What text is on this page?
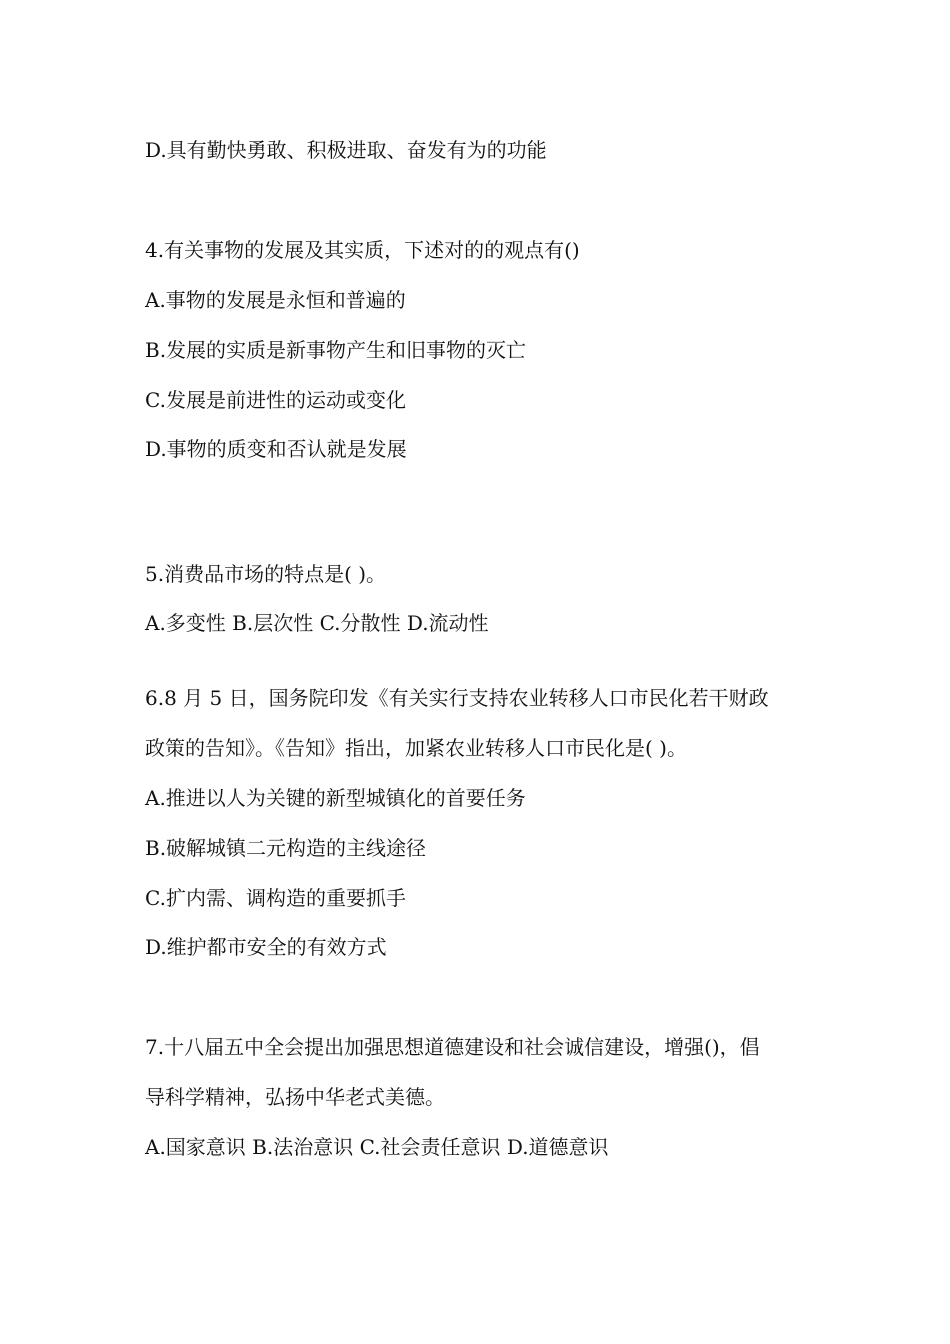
D.具有勤快勇敢、积极进取、奋发有为的功能
4.有关事物的发展及其实质，下述对的的观点有()
A.事物的发展是永恒和普遍的
B.发展的实质是新事物产生和旧事物的灭亡
C.发展是前进性的运动或变化
D.事物的质变和否认就是发展
5.消费品市场的特点是( )。
A.多变性 B.层次性 C.分散性 D.流动性
6.8 月 5 日，国务院印发《有关实行支持农业转移人口市民化若干财政
政策的告知》。《告知》指出，加紧农业转移人口市民化是( )。
A.推进以人为关键的新型城镇化的首要任务
B.破解城镇二元构造的主线途径
C.扩内需、调构造的重要抓手
D.维护都市安全的有效方式
7.十八届五中全会提出加强思想道德建设和社会诚信建设，增强()，倡
导科学精神，弘扬中华老式美德。
A.国家意识 B.法治意识 C.社会责任意识 D.道德意识
